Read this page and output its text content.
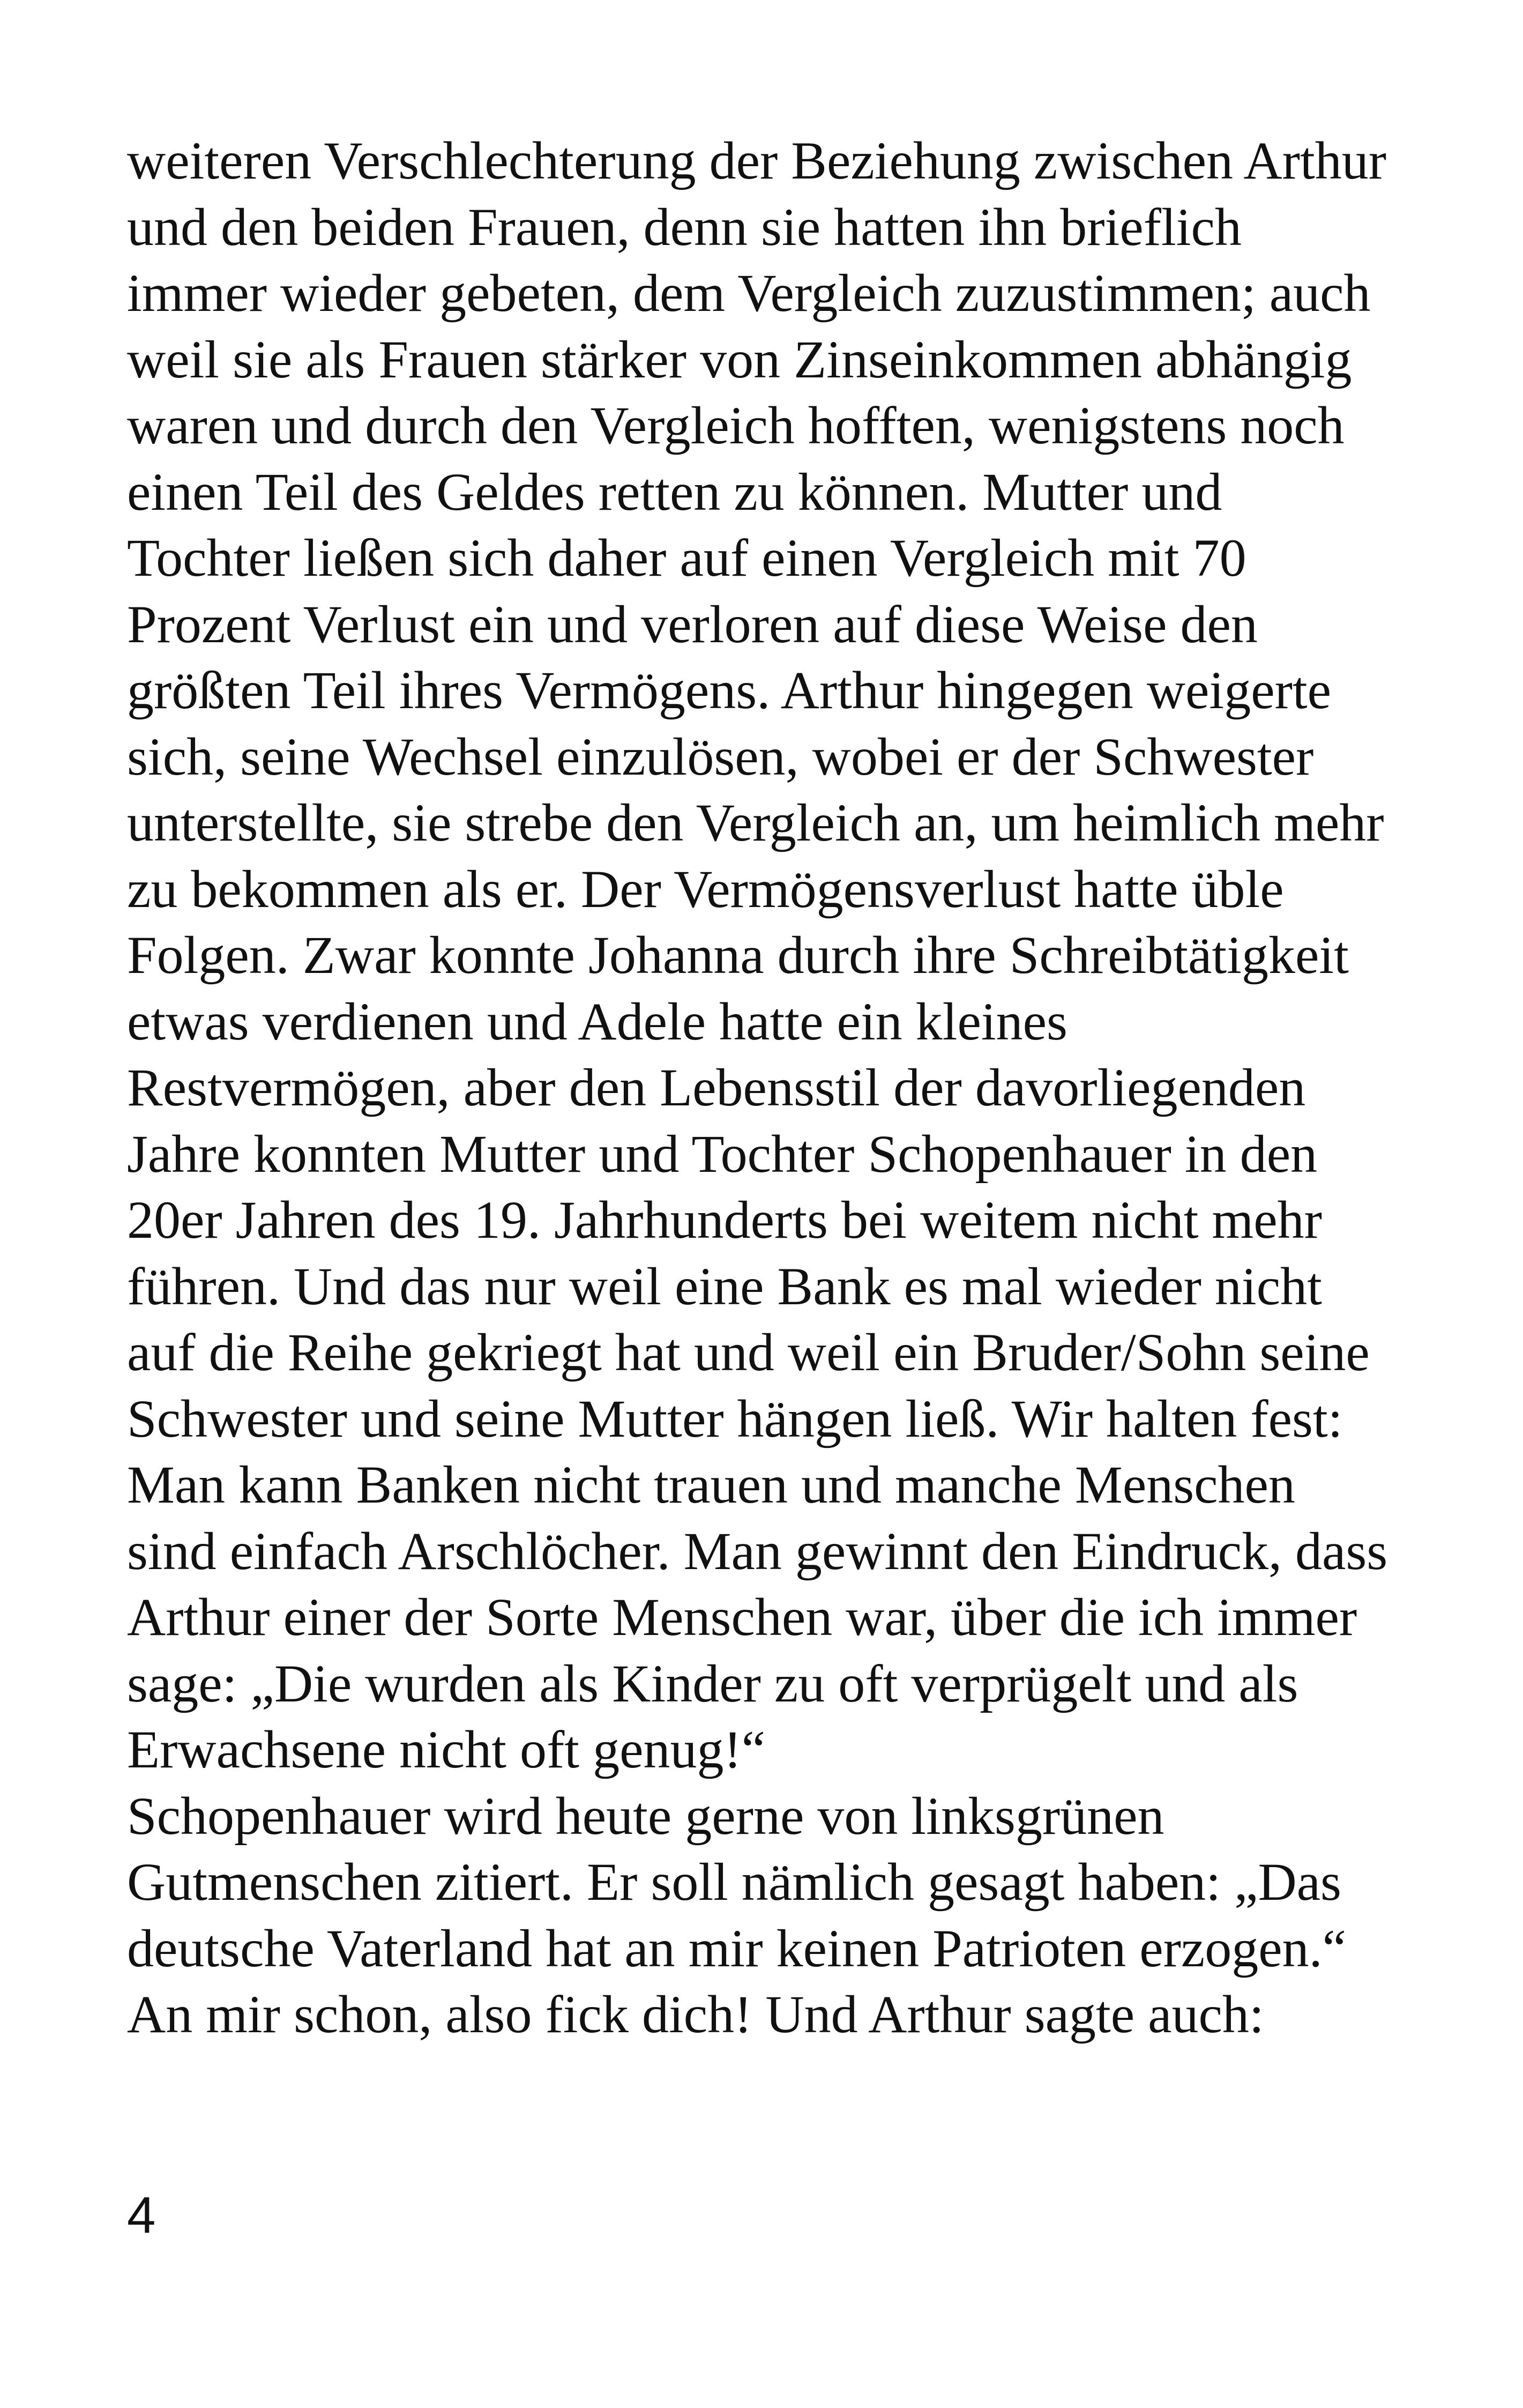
weiteren Verschlechterung der Beziehung zwischen Arthur
und den beiden Frauen, denn sie hatten ihn brieflich
immer wieder gebeten, dem Vergleich zuzustimmen; auch
weil sie als Frauen stärker von Zinseinkommen abhängig
waren und durch den Vergleich hofften, wenigstens noch
einen Teil des Geldes retten zu können. Mutter und
Tochter ließen sich daher auf einen Vergleich mit 70
Prozent Verlust ein und verloren auf diese Weise den
größten Teil ihres Vermögens. Arthur hingegen weigerte
sich, seine Wechsel einzulösen, wobei er der Schwester
unterstellte, sie strebe den Vergleich an, um heimlich mehr
zu bekommen als er. Der Vermögensverlust hatte üble
Folgen. Zwar konnte Johanna durch ihre Schreibtätigkeit
etwas verdienen und Adele hatte ein kleines
Restvermögen, aber den Lebensstil der davorliegenden
Jahre konnten Mutter und Tochter Schopenhauer in den
20er Jahren des 19. Jahrhunderts bei weitem nicht mehr
führen. Und das nur weil eine Bank es mal wieder nicht
auf die Reihe gekriegt hat und weil ein Bruder/Sohn seine
Schwester und seine Mutter hängen ließ. Wir halten fest:
Man kann Banken nicht trauen und manche Menschen
sind einfach Arschlöcher. Man gewinnt den Eindruck, dass
Arthur einer der Sorte Menschen war, über die ich immer
sage: „Die wurden als Kinder zu oft verprügelt und als
Erwachsene nicht oft genug!“
Schopenhauer wird heute gerne von linksgrünen
Gutmenschen zitiert. Er soll nämlich gesagt haben: „Das
deutsche Vaterland hat an mir keinen Patrioten erzogen.“
An mir schon, also fick dich! Und Arthur sagte auch:
4
